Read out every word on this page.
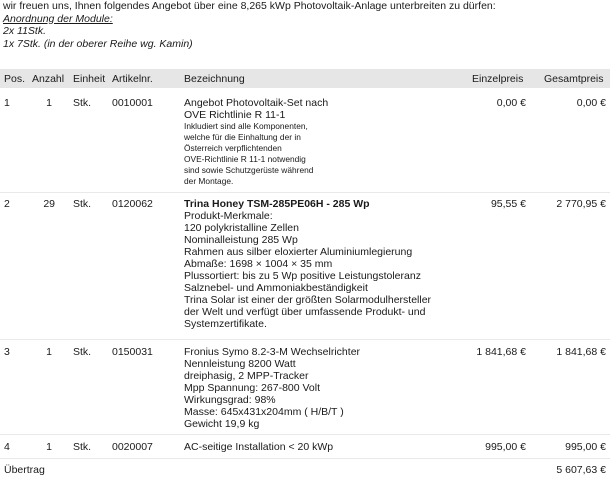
wir freuen uns, Ihnen folgendes Angebot über eine 8,265 kWp Photovoltaik-Anlage unterbreiten zu dürfen:
Anordnung der Module:
2x 11Stk.
1x 7Stk. (in der oberer Reihe wg. Kamin)
Pos. Anzahl Einheit Artikelnr.	Bezeichnung	Einzelpreis Gesamtpreis
1	1 Stk. 0010001	Angebot Photovoltaik-Set nach
OVE Richtlinie R 11-1
Inkludiert sind alle Komponenten,
welche für die Einhaltung der in
Österreich verpflichtenden
OVE-Richtlinie R 11-1 notwendig
sind sowie Schutzgerüste während
der Montage.
0,00 €	0,00 €
2	29 Stk. 0120062	Trina Honey TSM-285PE06H - 285 Wp
Produkt-Merkmale:
120 polykristalline Zellen
Nominalleistung 285 Wp
Rahmen aus silber eloxierter Aluminiumlegierung
Abmaße: 1698 × 1004 × 35 mm
Plussortiert: bis zu 5 Wp positive Leistungstoleranz
Salznebel- und Ammoniakbeständigkeit
Trina Solar ist einer der größten Solarmodulhersteller
der Welt und verfügt über umfassende Produkt- und
Systemzertifikate.
95,55 €	2 770,95 €
3	1 Stk. 0150031	Fronius Symo 8.2-3-M Wechselrichter
Nennleistung 8200 Watt
dreiphasig, 2 MPP-Tracker
Mpp Spannung: 267-800 Volt
Wirkungsgrad: 98%
Masse: 645x431x204mm ( H/B/T )
Gewicht 19,9 kg
1 841,68 €	1 841,68 €
4	1 Stk. 0020007	AC-seitige Installation < 20 kWp	995,00 €	995,00 €
Übertrag	5 607,63 €
